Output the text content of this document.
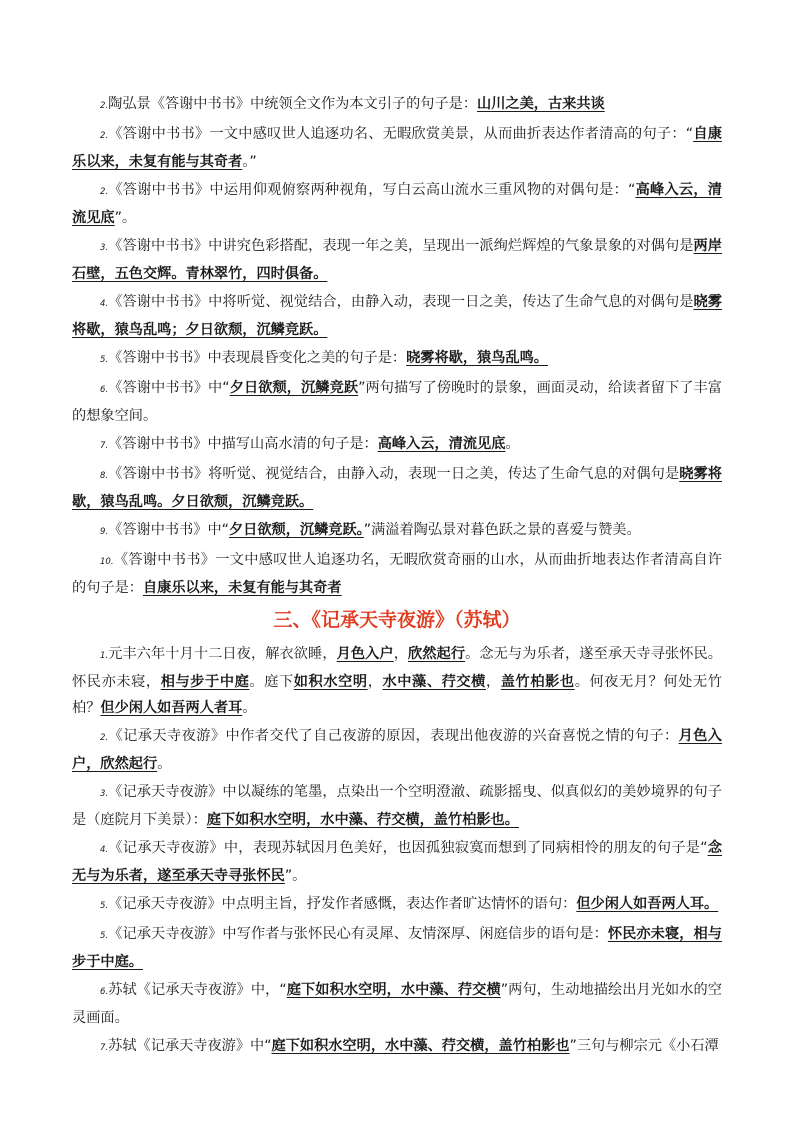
2.陶弘景《答谢中书书》中统领全文作为本文引子的句子是：山川之美，古来共谈

2.《答谢中书书》一文中感叹世人追逐功名、无暇欣赏美景，从而曲折表达作者清高的句子：“自康乐以来，未复有能与其奇者。”

2.《答谢中书书》中运用仰观俯察两种视角，写白云高山流水三重风物的对偶句是：“高峰入云，清流见底”。

3.《答谢中书书》中讲究色彩搭配，表现一年之美，呈现出一派绚烂辉煌的气象景象的对偶句是两岸石壁，五色交辉。青林翠竹，四时俱备。

4.《答谢中书书》中将听觉、视觉结合，由静入动，表现一日之美，传达了生命气息的对偶句是晓雾将歇，猿鸟乱鸣；夕日欲颓，沉鳞竞跃。

5.《答谢中书书》中表现晨昏变化之美的句子是：晓雾将歇，猿鸟乱鸣。

6.《答谢中书书》中“夕日欲颓，沉鳞竞跃”两句描写了傍晚时的景象，画面灵动，给读者留下了丰富的想象空间。

7.《答谢中书书》中描写山高水清的句子是：高峰入云，清流见底。

8.《答谢中书书》将听觉、视觉结合，由静入动，表现一日之美，传达了生命气息的对偶句是晓雾将歇，猿鸟乱鸣。夕日欲颓，沉鳞竞跃。

9.《答谢中书书》中“夕日欲颓，沉鳞竞跃。”满溢着陶弘景对暮色跃之景的喜爱与赞美。

10.《答谢中书书》一文中感叹世人追逐功名，无暇欣赏奇丽的山水，从而曲折地表达作者清高自许的句子是：自康乐以来，未复有能与其奇者

三、《记承天寺夜游》（苏轼）

1.元丰六年十月十二日夜，解衣欲睡，月色入户，欣然起行。念无与为乐者，遂至承天寺寻张怀民。怀民亦未寝，相与步于中庭。庭下如积水空明，水中藻、荇交横，盖竹柏影也。何夜无月？何处无竹柏？但少闲人如吾两人者耳。

2.《记承天寺夜游》中作者交代了自己夜游的原因，表现出他夜游的兴奋喜悦之情的句子：月色入户，欣然起行。

3.《记承天寺夜游》中以凝练的笔墨，点染出一个空明澄澈、疏影摇曳、似真似幻的美妙境界的句子是（庭院月下美景）：庭下如积水空明，水中藻、荇交横，盖竹柏影也。

4.《记承天寺夜游》中，表现苏轼因月色美好，也因孤独寂寞而想到了同病相怜的朋友的句子是“念无与为乐者，遂至承天寺寻张怀民”。

5.《记承天寺夜游》中点明主旨，抒发作者感慨，表达作者旷达情怀的语句：但少闲人如吾两人耳。

5.《记承天寺夜游》中写作者与张怀民心有灵犀、友情深厚、闲庭信步的语句是：怀民亦未寝，相与步于中庭。

6.苏轼《记承天寺夜游》中，“庭下如积水空明，水中藻、荇交横”两句，生动地描绘出月光如水的空灵画面。

7.苏轼《记承天寺夜游》中“庭下如积水空明，水中藻、荇交横，盖竹柏影也”三句与柳宗元《小石潭
